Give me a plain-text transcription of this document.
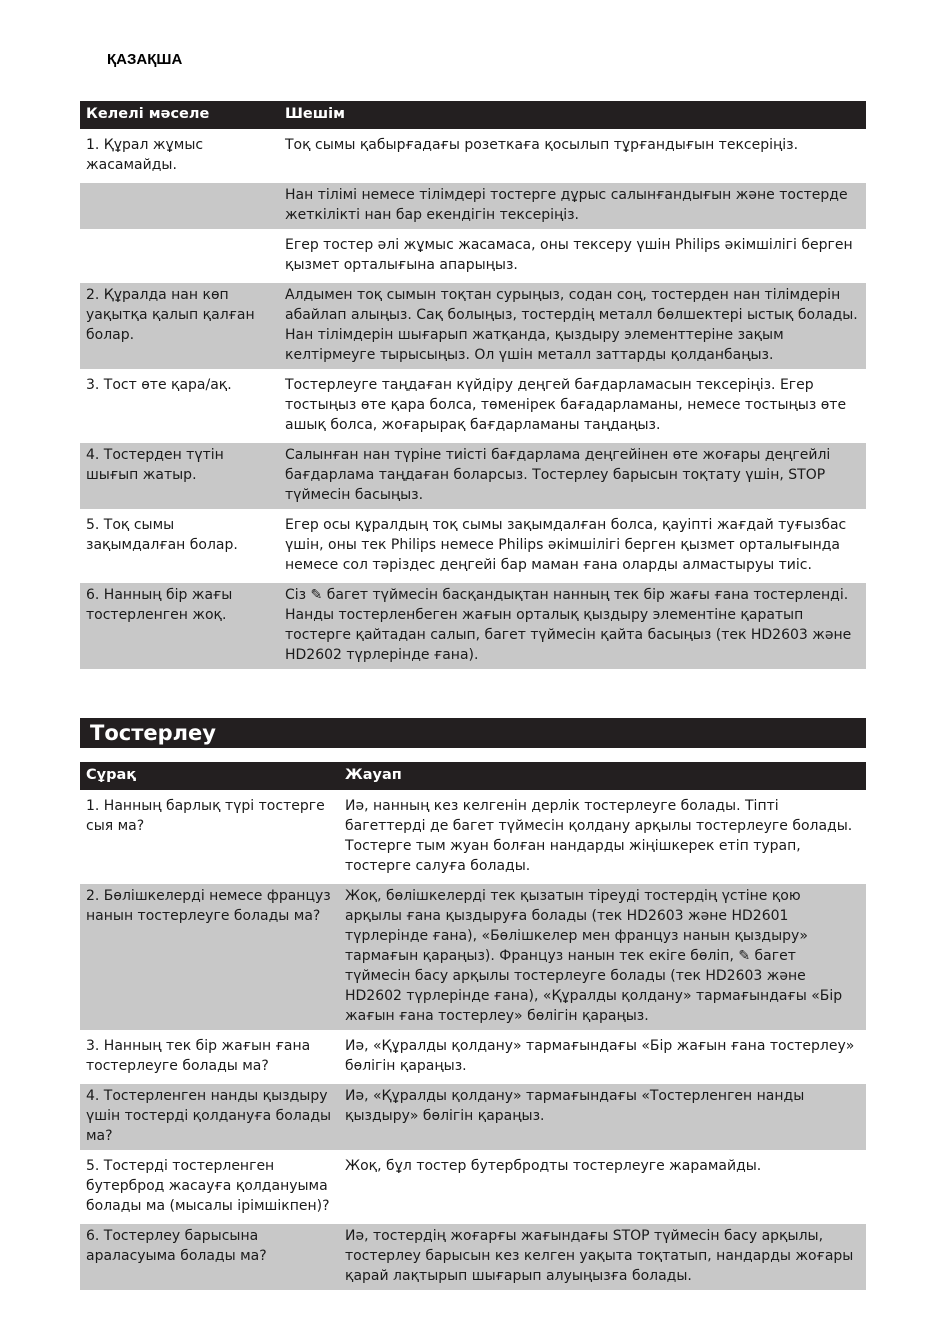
ҚАЗАҚША
Келелі мәселе	Шешім
1. Құрал жұмыс жасамайды.	Тоқ сымы қабырғадағы розеткаға қосылып тұрғандығын тексеріңіз.
	Нан тілімі немесе тілімдері тостерге дұрыс салынғандығын және тостерде жеткілікті нан бар екендігін тексеріңіз.
	Егер тостер әлі жұмыс жасамаса, оны тексеру үшін Philips әкімшілігі берген қызмет орталығына апарыңыз.
2. Құралда нан көп уақытқа қалып қалған болар.	Алдымен тоқ сымын тоқтан сурыңыз, содан соң, тостерден нан тілімдерін абайлап алыңыз. Сақ болыңыз, тостердің металл бөлшектері ыстық болады. Нан тілімдерін шығарып жатқанда, қыздыру элементтеріне зақым келтірмеуге тырысыңыз. Ол үшін металл заттарды қолданбаңыз.
3. Тост өте қара/ақ.	Тостерлеуге таңдаған күйдіру деңгей бағдарламасын тексеріңіз. Егер тостыңыз өте қара болса, төменірек бағадарламаны, немесе тостыңыз өте ашық болса, жоғарырақ бағдарламаны таңдаңыз.
4. Тостерден түтін шығып жатыр.	Салынған нан түріне тиісті бағдарлама деңгейінен өте жоғары деңгейлі бағдарлама таңдаған боларсыз. Тостерлеу барысын тоқтату үшін, STOP түймесін басыңыз.
5. Тоқ сымы зақымдалған болар.	Егер осы құралдың тоқ сымы зақымдалған болса, қауіпті жағдай туғызбас үшін, оны тек Philips немесе Philips әкімшілігі берген қызмет орталығында немесе сол тәріздес деңгейі бар маман ғана оларды алмастыруы тиіс.
6. Нанның бір жағы тостерленген жоқ.	Сіз ✎ багет түймесін басқандықтан нанның тек бір жағы ғана тостерленді. Нанды тостерленбеген жағын орталық қыздыру элементіне қаратып тостерге қайтадан салып, багет түймесін қайта басыңыз (тек HD2603 және HD2602 түрлерінде ғана).
Тостерлеу
Сұрақ	Жауап
1. Нанның барлық түрі тостерге сыя ма?	Иә, нанның кез келгенін дерлік тостерлеуге болады. Тіпті багеттерді де багет түймесін қолдану арқылы тостерлеуге болады. Тостерге тым жуан болған нандарды жіңішкерек етіп турап, тостерге салуға болады.
2. Бөлішкелерді немесе француз нанын тостерлеуге болады ма?	Жоқ, бөлішкелерді тек қызатын тіреуді тостердің үстіне қою арқылы ғана қыздыруға болады (тек HD2603 және HD2601 түрлерінде ғана), «Бөлішкелер мен француз нанын қыздыру» тармағын қараңыз). Француз нанын тек екіге бөліп, ✎ багет түймесін басу арқылы тостерлеуге болады (тек HD2603 және HD2602 түрлерінде ғана), «Құралды қолдану» тармағындағы «Бір жағын ғана тостерлеу» бөлігін қараңыз.
3. Нанның тек бір жағын ғана тостерлеуге болады ма?	Иә, «Құралды қолдану» тармағындағы «Бір жағын ғана тостерлеу» бөлігін қараңыз.
4. Тостерленген нанды қыздыру үшін тостерді қолдануға болады ма?	Иә, «Құралды қолдану» тармағындағы «Тостерленген нанды қыздыру» бөлігін қараңыз.
5. Тостерді тостерленген бутерброд жасауға қолдануыма болады ма (мысалы ірімшікпен)?	Жоқ, бұл тостер бутербродты тостерлеуге жарамайды.
6. Тостерлеу барысына араласуыма болады ма?	Иә, тостердің жоғарғы жағындағы STOP түймесін басу арқылы, тостерлеу барысын кез келген уақыта тоқтатып, нандарды жоғары қарай лақтырып шығарып алуыңызға болады.
